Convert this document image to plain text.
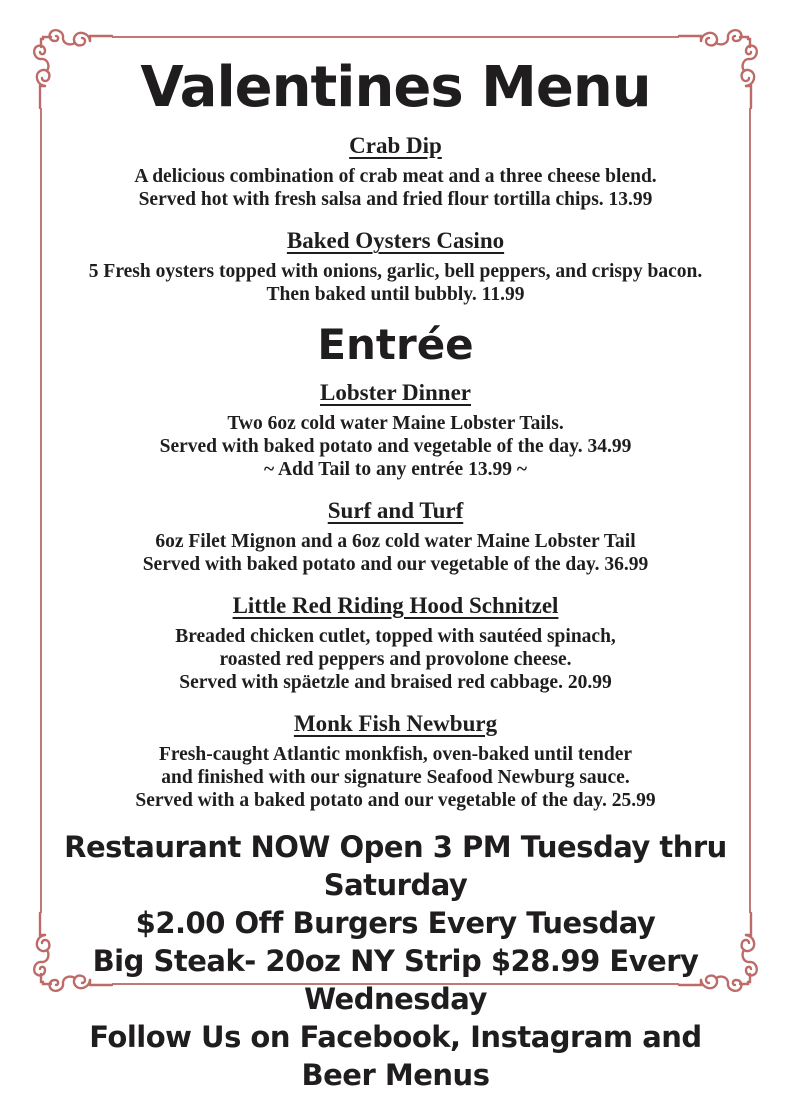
Valentines Menu
Crab Dip

A delicious combination of crab meat and a three cheese blend.

Served hot with fresh salsa and fried flour tortilla chips. 13.99

Baked Oysters Casino

5 Fresh oysters topped with onions, garlic, bell peppers, and crispy bacon.

Then baked until bubbly. 11.99

Entrée
Lobster Dinner

Two 6oz cold water Maine Lobster Tails.

Served with baked potato and vegetable of the day. 34.99

~ Add Tail to any entrée 13.99 ~

Surf and Turf

6oz Filet Mignon and a 6oz cold water Maine Lobster Tail

Served with baked potato and our vegetable of the day. 36.99

Little Red Riding Hood Schnitzel

Breaded chicken cutlet, topped with sautéed spinach,

roasted red peppers and provolone cheese.

Served with späetzle and braised red cabbage. 20.99

Monk Fish Newburg

Fresh-caught Atlantic monkfish, oven-baked until tender

and finished with our signature Seafood Newburg sauce.

Served with a baked potato and our vegetable of the day. 25.99

Restaurant NOW Open 3 PM Tuesday thru Saturday

$2.00 Off Burgers Every Tuesday

Big Steak- 20oz NY Strip $28.99 Every Wednesday

Follow Us on Facebook, Instagram and Beer Menus
